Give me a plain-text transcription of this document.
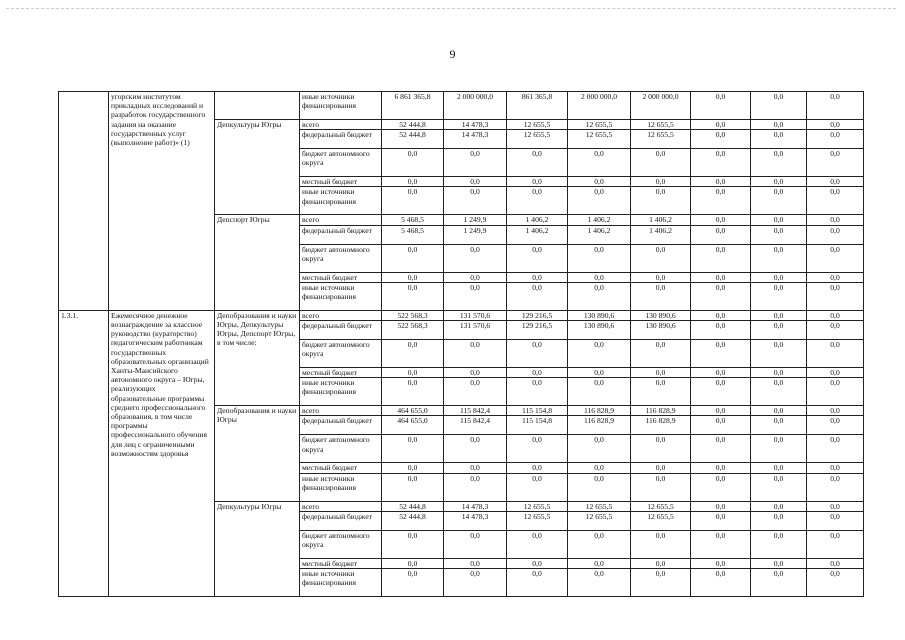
9
	угорским институтом прикладных исследований и разработок государственного задания на оказание государственных услуг (выполнение работ)» (1)		иные источники финансирования	6 861 365,8	2 000 000,0	861 365,8	2 000 000,0	2 000 000,0	0,0	0,0	0,0
		Депкультуры Югры	всего	52 444,8	14 478,3	12 655,5	12 655,5	12 655,5	0,0	0,0	0,0
			федеральный бюджет	52 444,8	14 478,3	12 655,5	12 655,5	12 655,5	0,0	0,0	0,0
			бюджет автономного округа	0,0	0,0	0,0	0,0	0,0	0,0	0,0	0,0
			местный бюджет	0,0	0,0	0,0	0,0	0,0	0,0	0,0	0,0
			иные источники финансирования	0,0	0,0	0,0	0,0	0,0	0,0	0,0	0,0
		Депспорт Югры	всего	5 468,5	1 249,9	1 406,2	1 406,2	1 406,2	0,0	0,0	0,0
			федеральный бюджет	5 468,5	1 249,9	1 406,2	1 406,2	1 406,2	0,0	0,0	0,0
			бюджет автономного округа	0,0	0,0	0,0	0,0	0,0	0,0	0,0	0,0
			местный бюджет	0,0	0,0	0,0	0,0	0,0	0,0	0,0	0,0
			иные источники финансирования	0,0	0,0	0,0	0,0	0,0	0,0	0,0	0,0
1.3.1.	Ежемесячное денежное вознаграждение за классное руководство (кураторство) педагогическим работникам государственных образовательных организаций Ханты-Мансийского автономного округа – Югры, реализующих образовательные программы среднего профессионального образования, в том числе программы профессионального обучения для лиц с ограниченными возможностям здоровья	Депобразования и науки Югры, Депкультуры Югры, Депспорт Югры, в том числе:	всего	522 568,3	131 570,6	129 216,5	130 890,6	130 890,6	0,0	0,0	0,0
			федеральный бюджет	522 568,3	131 570,6	129 216,5	130 890,6	130 890,6	0,0	0,0	0,0
			бюджет автономного округа	0,0	0,0	0,0	0,0	0,0	0,0	0,0	0,0
			местный бюджет	0,0	0,0	0,0	0,0	0,0	0,0	0,0	0,0
			иные источники финансирования	0,0	0,0	0,0	0,0	0,0	0,0	0,0	0,0
		Депобразования и науки Югры	всего	464 655,0	115 842,4	115 154,8	116 828,9	116 828,9	0,0	0,0	0,0
			федеральный бюджет	464 655,0	115 842,4	115 154,8	116 828,9	116 828,9	0,0	0,0	0,0
			бюджет автономного округа	0,0	0,0	0,0	0,0	0,0	0,0	0,0	0,0
			местный бюджет	0,0	0,0	0,0	0,0	0,0	0,0	0,0	0,0
			иные источники финансирования	0,0	0,0	0,0	0,0	0,0	0,0	0,0	0,0
		Депкультуры Югры	всего	52 444,8	14 478,3	12 655,5	12 655,5	12 655,5	0,0	0,0	0,0
			федеральный бюджет	52 444,8	14 478,3	12 655,5	12 655,5	12 655,5	0,0	0,0	0,0
			бюджет автономного округа	0,0	0,0	0,0	0,0	0,0	0,0	0,0	0,0
			местный бюджет	0,0	0,0	0,0	0,0	0,0	0,0	0,0	0,0
			иные источники финансирования	0,0	0,0	0,0	0,0	0,0	0,0	0,0	0,0
